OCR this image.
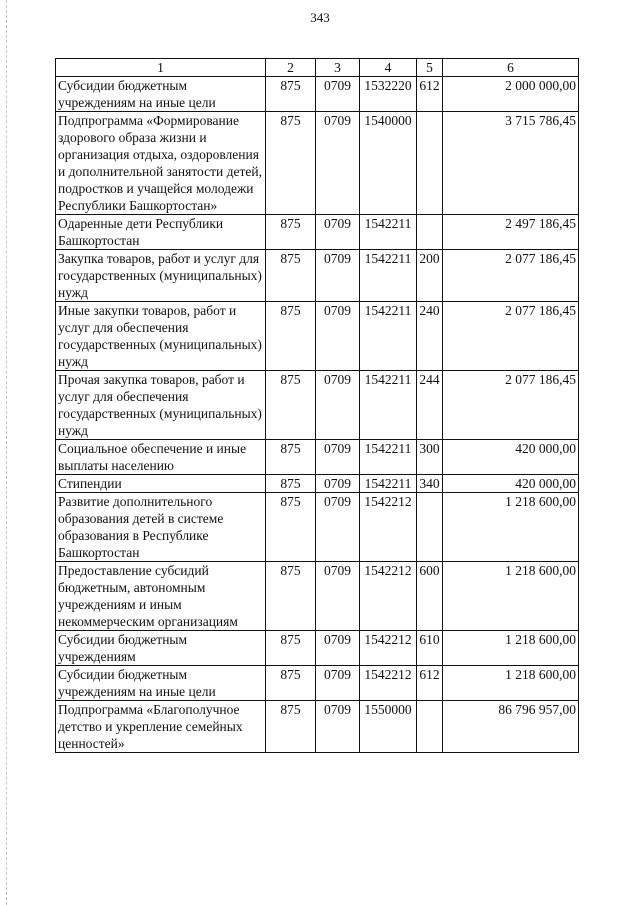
343
1	2	3	4	5	6
Субсидии бюджетным учреждениям на иные цели	875	0709	1532220	612	2 000 000,00
Подпрограмма «Формирование здорового образа жизни и организация отдыха, оздоровления и дополнительной занятости детей, подростков и учащейся молодежи Республики Башкортостан»	875	0709	1540000		3 715 786,45
Одаренные дети Республики Башкортостан	875	0709	1542211		2 497 186,45
Закупка товаров, работ и услуг для государственных (муниципальных) нужд	875	0709	1542211	200	2 077 186,45
Иные закупки товаров, работ и услуг для обеспечения государственных (муниципальных) нужд	875	0709	1542211	240	2 077 186,45
Прочая закупка товаров, работ и услуг для обеспечения государственных (муниципальных) нужд	875	0709	1542211	244	2 077 186,45
Социальное обеспечение и иные выплаты населению	875	0709	1542211	300	420 000,00
Стипендии	875	0709	1542211	340	420 000,00
Развитие дополнительного образования детей в системе образования в Республике Башкортостан	875	0709	1542212		1 218 600,00
Предоставление субсидий бюджетным, автономным учреждениям и иным некоммерческим организациям	875	0709	1542212	600	1 218 600,00
Субсидии бюджетным учреждениям	875	0709	1542212	610	1 218 600,00
Субсидии бюджетным учреждениям на иные цели	875	0709	1542212	612	1 218 600,00
Подпрограмма «Благополучное детство и укрепление семейных ценностей»	875	0709	1550000		86 796 957,00
